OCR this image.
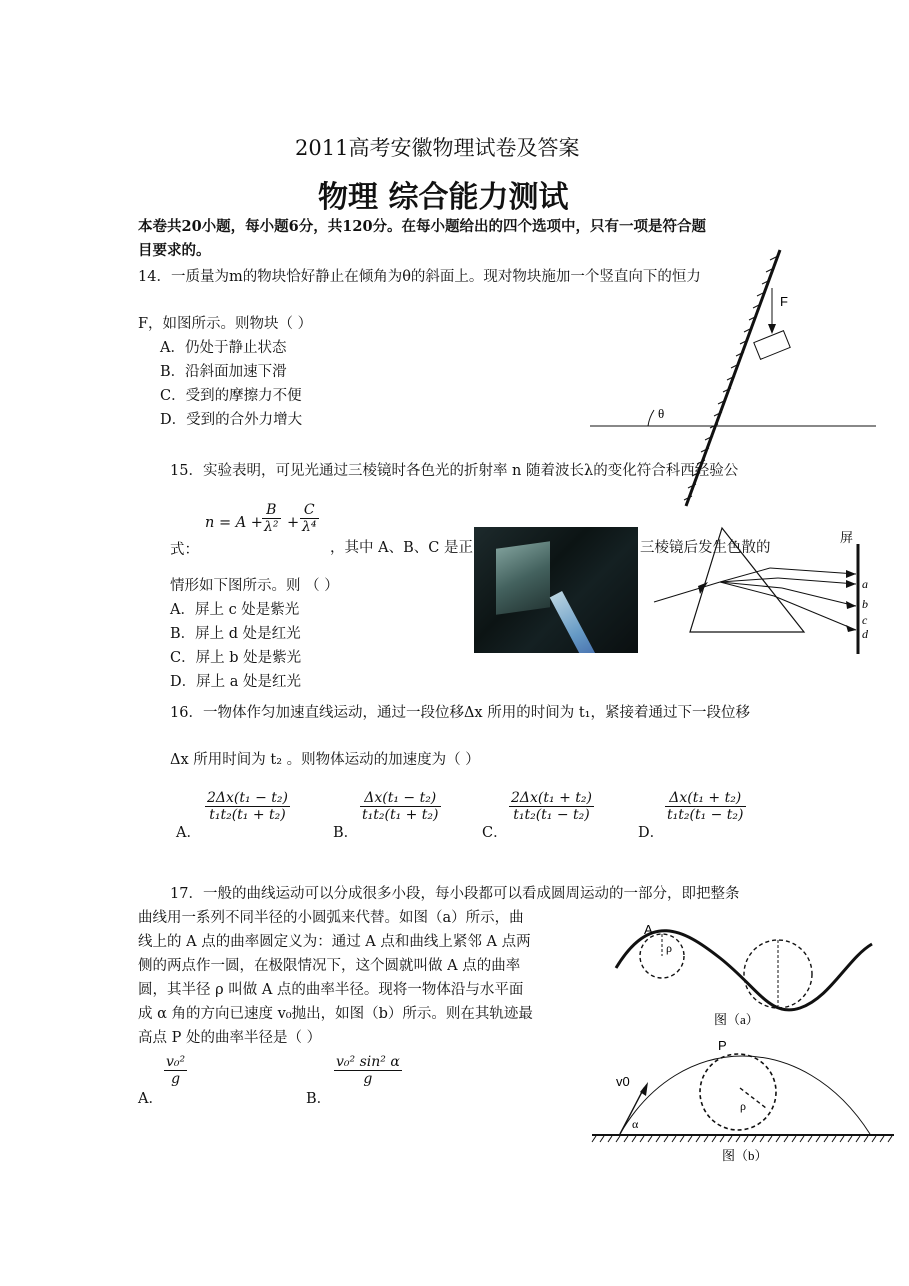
2011高考安徽物理试卷及答案
物理 综合能力测试
本卷共20小题，每小题6分，共120分。在每小题给出的四个选项中，只有一项是符合题
目要求的。
14．一质量为m的物块恰好静止在倾角为θ的斜面上。现对物块施加一个竖直向下的恒力
F，如图所示。则物块（ ）
A．仍处于静止状态
B．沿斜面加速下滑
C．受到的摩擦力不便
D．受到的合外力增大
F
θ
15．实验表明，可见光通过三棱镜时各色光的折射率 n 随着波长λ的变化符合科西经验公
$n = A + \frac{B}{\text{λ²}} + \frac{C}{\text{λ⁴}}$
式：	，其中 A、B、C 是正	三棱镜后发生色散的
情形如下图所示。则 （ ）
A．屏上 c 处是紫光
B．屏上 d 处是红光
C．屏上 b 处是紫光
D．屏上 a 处是红光
屏
a
b
c
d
16．一物体作匀加速直线运动，通过一段位移Δx 所用的时间为 t₁，紧接着通过下一段位移
Δx 所用时间为 t₂ 。则物体运动的加速度为（ ）
A．
$\frac{\text{2Δx(t₁ − t₂)}}{\text{t₁t₂(t₁ + t₂)}}$
B．
$\frac{\text{Δx(t₁ − t₂)}}{\text{t₁t₂(t₁ + t₂)}}$
C．
$\frac{\text{2Δx(t₁ + t₂)}}{\text{t₁t₂(t₁ − t₂)}}$
D．
$\frac{\text{Δx(t₁ + t₂)}}{\text{t₁t₂(t₁ − t₂)}}$
17．一般的曲线运动可以分成很多小段，每小段都可以看成圆周运动的一部分，即把整条
曲线用一系列不同半径的小圆弧来代替。如图（a）所示，曲
线上的 A 点的曲率圆定义为：通过 A 点和曲线上紧邻 A 点两
侧的两点作一圆，在极限情况下，这个圆就叫做 A 点的曲率
圆，其半径 ρ 叫做 A 点的曲率半径。现将一物体沿与水平面
成 α 角的方向已速度 v₀抛出，如图（b）所示。则在其轨迹最
高点 P 处的曲率半径是（ ）
A．
$\frac{\text{v₀²}}{g}$
B．
$\frac{\text{v₀² sin² α}}{g}$
A
ρ
图（a）
P
v0
ρ
α
图（b）
